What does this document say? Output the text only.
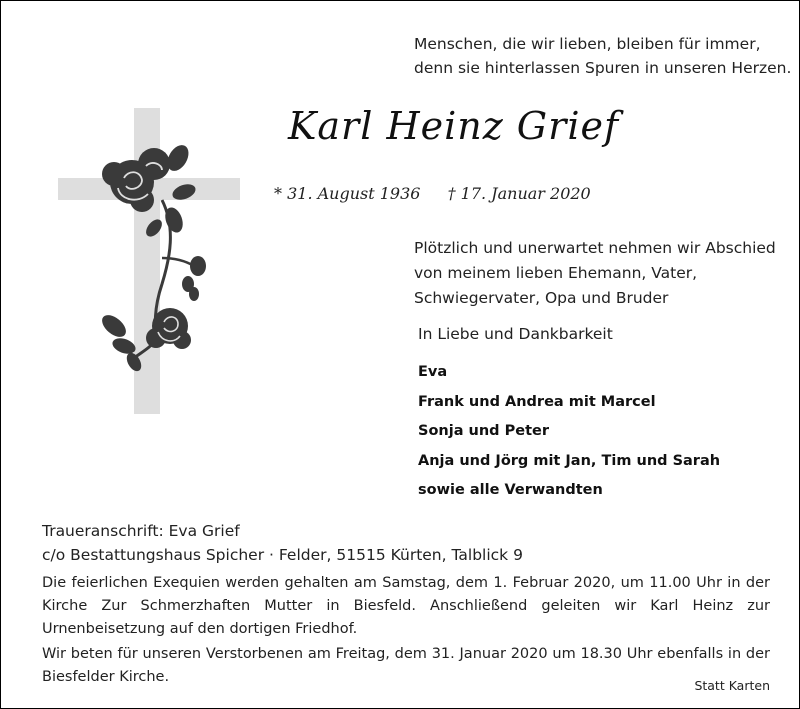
Menschen, die wir lieben, bleiben für immer,
denn sie hinterlassen Spuren in unseren Herzen.
Karl Heinz Grief
* 31. August 1936 † 17. Januar 2020
Plötzlich und unerwartet nehmen wir Abschied
von meinem lieben Ehemann, Vater,
Schwiegervater, Opa und Bruder
In Liebe und Dankbarkeit
Eva
Frank und Andrea mit Marcel
Sonja und Peter
Anja und Jörg mit Jan, Tim und Sarah
sowie alle Verwandten
Traueranschrift: Eva Grief
c/o Bestattungshaus Spicher · Felder, 51515 Kürten, Talblick 9

Die feierlichen Exequien werden gehalten am Samstag, dem 1. Februar 2020, um 11.00 Uhr in der Kirche Zur Schmerzhaften Mutter in Biesfeld. Anschließend geleiten wir Karl Heinz zur Urnenbeisetzung auf den dortigen Friedhof.

Wir beten für unseren Verstorbenen am Freitag, dem 31. Januar 2020 um 18.30 Uhr ebenfalls in der Biesfelder Kirche.

Statt Karten
